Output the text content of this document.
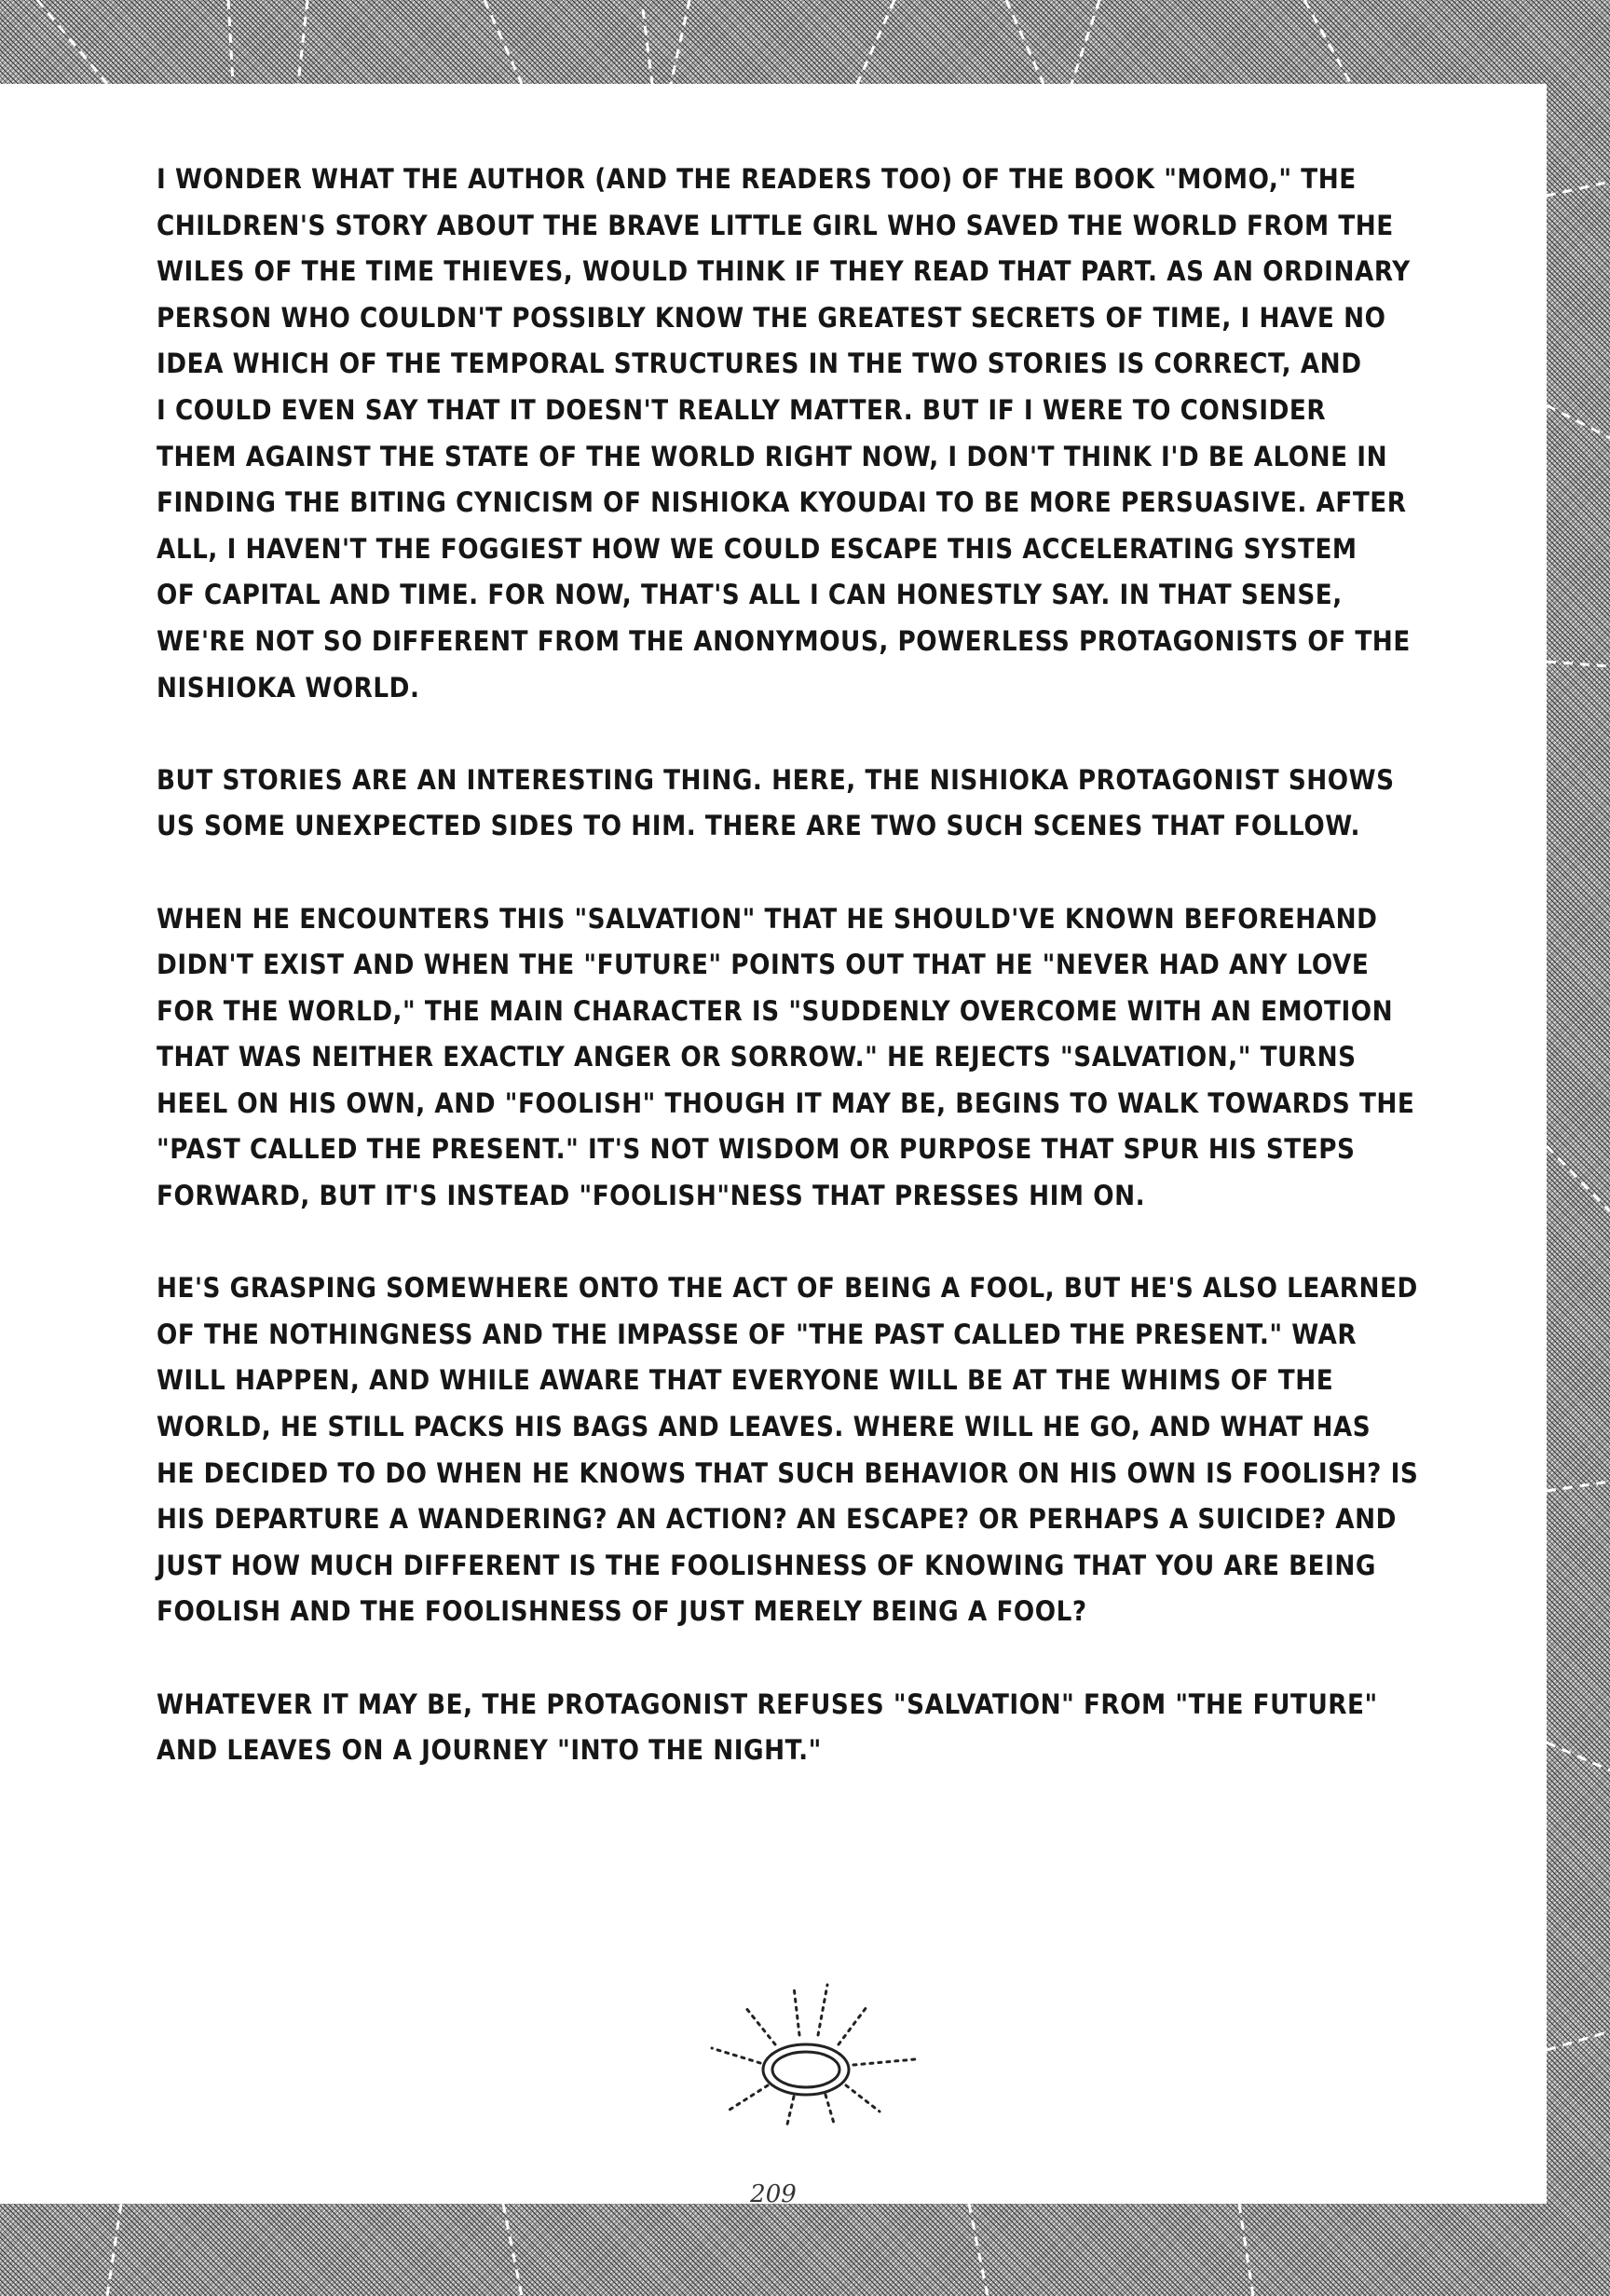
I WONDER WHAT THE AUTHOR (AND THE READERS TOO) OF THE BOOK "MOMO," THE
CHILDREN'S STORY ABOUT THE BRAVE LITTLE GIRL WHO SAVED THE WORLD FROM THE
WILES OF THE TIME THIEVES, WOULD THINK IF THEY READ THAT PART. AS AN ORDINARY
PERSON WHO COULDN'T POSSIBLY KNOW THE GREATEST SECRETS OF TIME, I HAVE NO
IDEA WHICH OF THE TEMPORAL STRUCTURES IN THE TWO STORIES IS CORRECT, AND
I COULD EVEN SAY THAT IT DOESN'T REALLY MATTER. BUT IF I WERE TO CONSIDER
THEM AGAINST THE STATE OF THE WORLD RIGHT NOW, I DON'T THINK I'D BE ALONE IN
FINDING THE BITING CYNICISM OF NISHIOKA KYOUDAI TO BE MORE PERSUASIVE. AFTER
ALL, I HAVEN'T THE FOGGIEST HOW WE COULD ESCAPE THIS ACCELERATING SYSTEM
OF CAPITAL AND TIME. FOR NOW, THAT'S ALL I CAN HONESTLY SAY. IN THAT SENSE,
WE'RE NOT SO DIFFERENT FROM THE ANONYMOUS, POWERLESS PROTAGONISTS OF THE
NISHIOKA WORLD.

BUT STORIES ARE AN INTERESTING THING. HERE, THE NISHIOKA PROTAGONIST SHOWS
US SOME UNEXPECTED SIDES TO HIM. THERE ARE TWO SUCH SCENES THAT FOLLOW.

WHEN HE ENCOUNTERS THIS "SALVATION" THAT HE SHOULD'VE KNOWN BEFOREHAND
DIDN'T EXIST AND WHEN THE "FUTURE" POINTS OUT THAT HE "NEVER HAD ANY LOVE
FOR THE WORLD," THE MAIN CHARACTER IS "SUDDENLY OVERCOME WITH AN EMOTION
THAT WAS NEITHER EXACTLY ANGER OR SORROW." HE REJECTS "SALVATION," TURNS
HEEL ON HIS OWN, AND "FOOLISH" THOUGH IT MAY BE, BEGINS TO WALK TOWARDS THE
"PAST CALLED THE PRESENT." IT'S NOT WISDOM OR PURPOSE THAT SPUR HIS STEPS
FORWARD, BUT IT'S INSTEAD "FOOLISH"NESS THAT PRESSES HIM ON.

HE'S GRASPING SOMEWHERE ONTO THE ACT OF BEING A FOOL, BUT HE'S ALSO LEARNED
OF THE NOTHINGNESS AND THE IMPASSE OF "THE PAST CALLED THE PRESENT." WAR
WILL HAPPEN, AND WHILE AWARE THAT EVERYONE WILL BE AT THE WHIMS OF THE
WORLD, HE STILL PACKS HIS BAGS AND LEAVES. WHERE WILL HE GO, AND WHAT HAS
HE DECIDED TO DO WHEN HE KNOWS THAT SUCH BEHAVIOR ON HIS OWN IS FOOLISH? IS
HIS DEPARTURE A WANDERING? AN ACTION? AN ESCAPE? OR PERHAPS A SUICIDE? AND
JUST HOW MUCH DIFFERENT IS THE FOOLISHNESS OF KNOWING THAT YOU ARE BEING
FOOLISH AND THE FOOLISHNESS OF JUST MERELY BEING A FOOL?

WHATEVER IT MAY BE, THE PROTAGONIST REFUSES "SALVATION" FROM "THE FUTURE"
AND LEAVES ON A JOURNEY "INTO THE NIGHT."

209
